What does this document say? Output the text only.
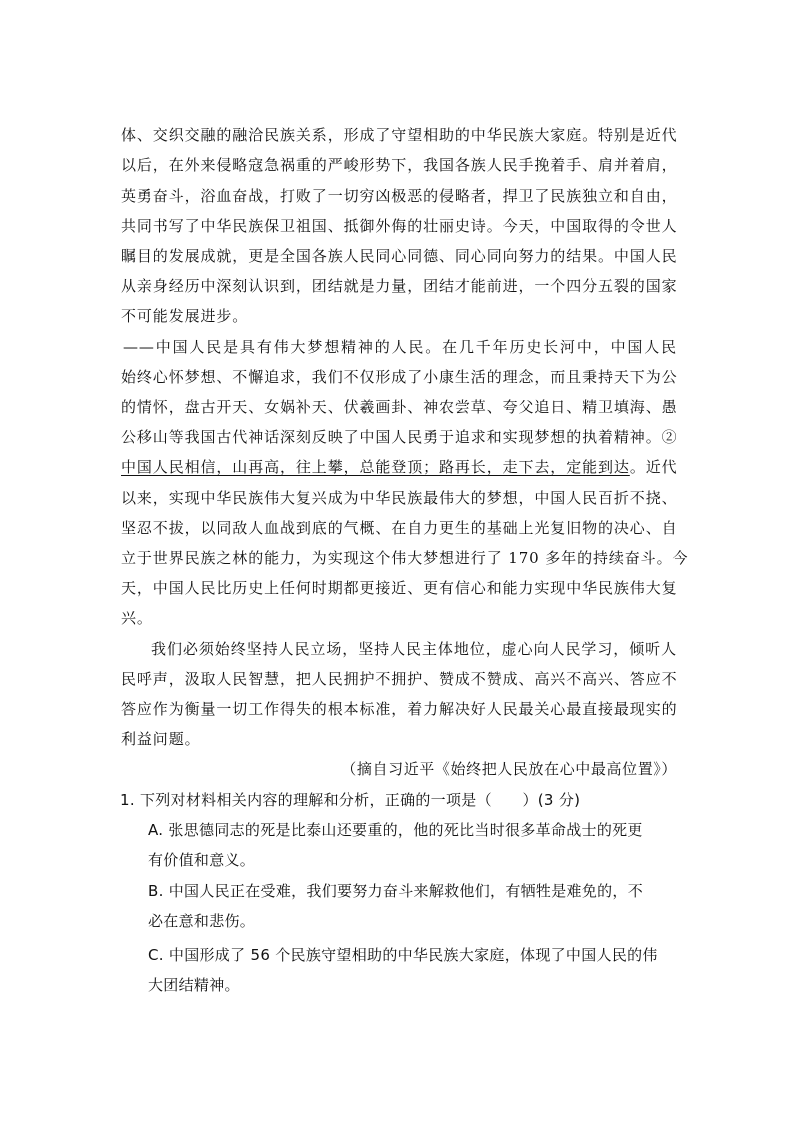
体、交织交融的融洽民族关系，形成了守望相助的中华民族大家庭。特别是近代
以后，在外来侵略寇急祸重的严峻形势下，我国各族人民手挽着手、肩并着肩，
英勇奋斗，浴血奋战，打败了一切穷凶极恶的侵略者，捍卫了民族独立和自由，
共同书写了中华民族保卫祖国、抵御外侮的壮丽史诗。今天，中国取得的令世人
瞩目的发展成就，更是全国各族人民同心同德、同心同向努力的结果。中国人民
从亲身经历中深刻认识到，团结就是力量，团结才能前进，一个四分五裂的国家
不可能发展进步。
——中国人民是具有伟大梦想精神的人民。在几千年历史长河中，中国人民
始终心怀梦想、不懈追求，我们不仅形成了小康生活的理念，而且秉持天下为公
的情怀，盘古开天、女娲补天、伏羲画卦、神农尝草、夸父追日、精卫填海、愚
公移山等我国古代神话深刻反映了中国人民勇于追求和实现梦想的执着精神。②
中国人民相信，山再高，往上攀，总能登顶；路再长，走下去，定能到达。近代
以来，实现中华民族伟大复兴成为中华民族最伟大的梦想，中国人民百折不挠、
坚忍不拔，以同敌人血战到底的气概、在自力更生的基础上光复旧物的决心、自
立于世界民族之林的能力，为实现这个伟大梦想进行了 170 多年的持续奋斗。今
天，中国人民比历史上任何时期都更接近、更有信心和能力实现中华民族伟大复
兴。
我们必须始终坚持人民立场，坚持人民主体地位，虚心向人民学习，倾听人
民呼声，汲取人民智慧，把人民拥护不拥护、赞成不赞成、高兴不高兴、答应不
答应作为衡量一切工作得失的根本标准，着力解决好人民最关心最直接最现实的
利益问题。
（摘自习近平《始终把人民放在心中最高位置》）
1. 下列对材料相关内容的理解和分析，正确的一项是（　　）(3 分)
A. 张思德同志的死是比泰山还要重的，他的死比当时很多革命战士的死更
有价值和意义。
B. 中国人民正在受难，我们要努力奋斗来解救他们，有牺牲是难免的，不
必在意和悲伤。
C. 中国形成了 56 个民族守望相助的中华民族大家庭，体现了中国人民的伟
大团结精神。
